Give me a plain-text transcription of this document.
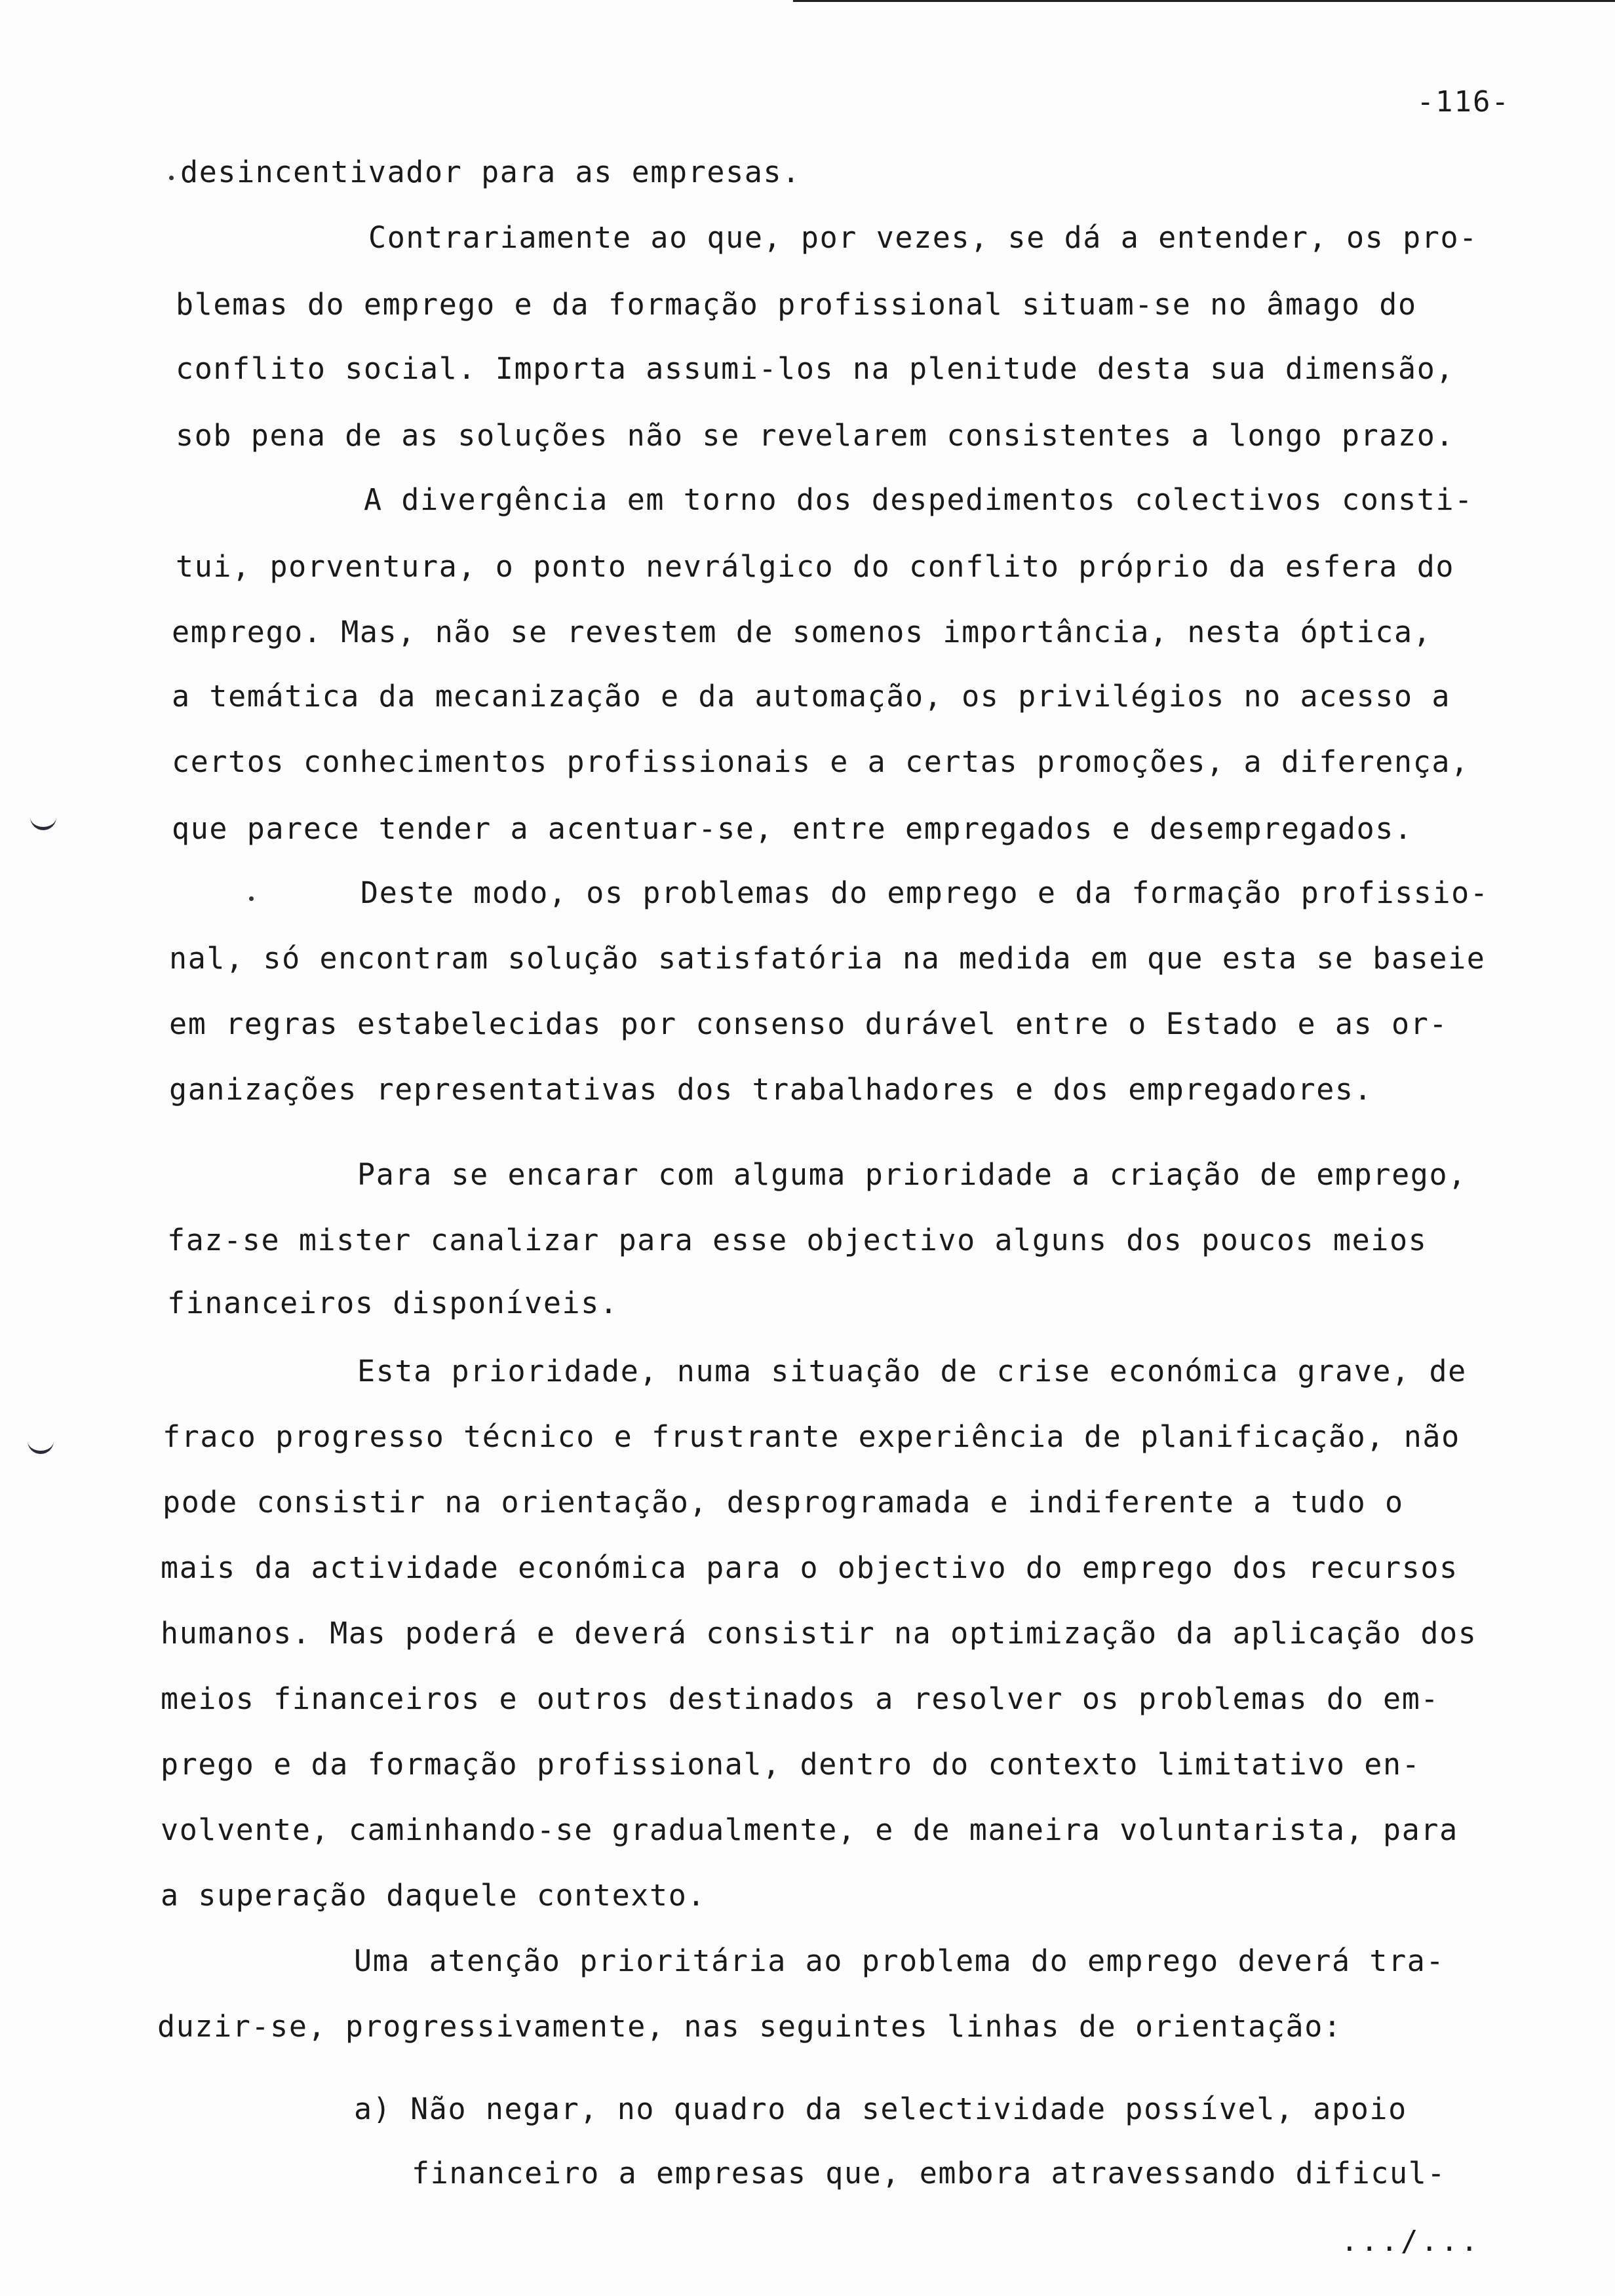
-116-
desincentivador para as empresas.
Contrariamente ao que, por vezes, se dá a entender, os pro-
blemas do emprego e da formação profissional situam-se no âmago do
conflito social. Importa assumi-los na plenitude desta sua dimensão,
sob pena de as soluções não se revelarem consistentes a longo prazo.
A divergência em torno dos despedimentos colectivos consti-
tui, porventura, o ponto nevrálgico do conflito próprio da esfera do
emprego. Mas, não se revestem de somenos importância, nesta óptica,
a temática da mecanização e da automação, os privilégios no acesso a
certos conhecimentos profissionais e a certas promoções, a diferença,
que parece tender a acentuar-se, entre empregados e desempregados.
Deste modo, os problemas do emprego e da formação profissio-
nal, só encontram solução satisfatória na medida em que esta se baseie
em regras estabelecidas por consenso durável entre o Estado e as or-
ganizações representativas dos trabalhadores e dos empregadores.
Para se encarar com alguma prioridade a criação de emprego,
faz-se mister canalizar para esse objectivo alguns dos poucos meios
financeiros disponíveis.
Esta prioridade, numa situação de crise económica grave, de
fraco progresso técnico e frustrante experiência de planificação, não
pode consistir na orientação, desprogramada e indiferente a tudo o
mais da actividade económica para o objectivo do emprego dos recursos
humanos. Mas poderá e deverá consistir na optimização da aplicação dos
meios financeiros e outros destinados a resolver os problemas do em-
prego e da formação profissional, dentro do contexto limitativo en-
volvente, caminhando-se gradualmente, e de maneira voluntarista, para
a superação daquele contexto.
Uma atenção prioritária ao problema do emprego deverá tra-
duzir-se, progressivamente, nas seguintes linhas de orientação:
a) Não negar, no quadro da selectividade possível, apoio
financeiro a empresas que, embora atravessando dificul-
.../...
